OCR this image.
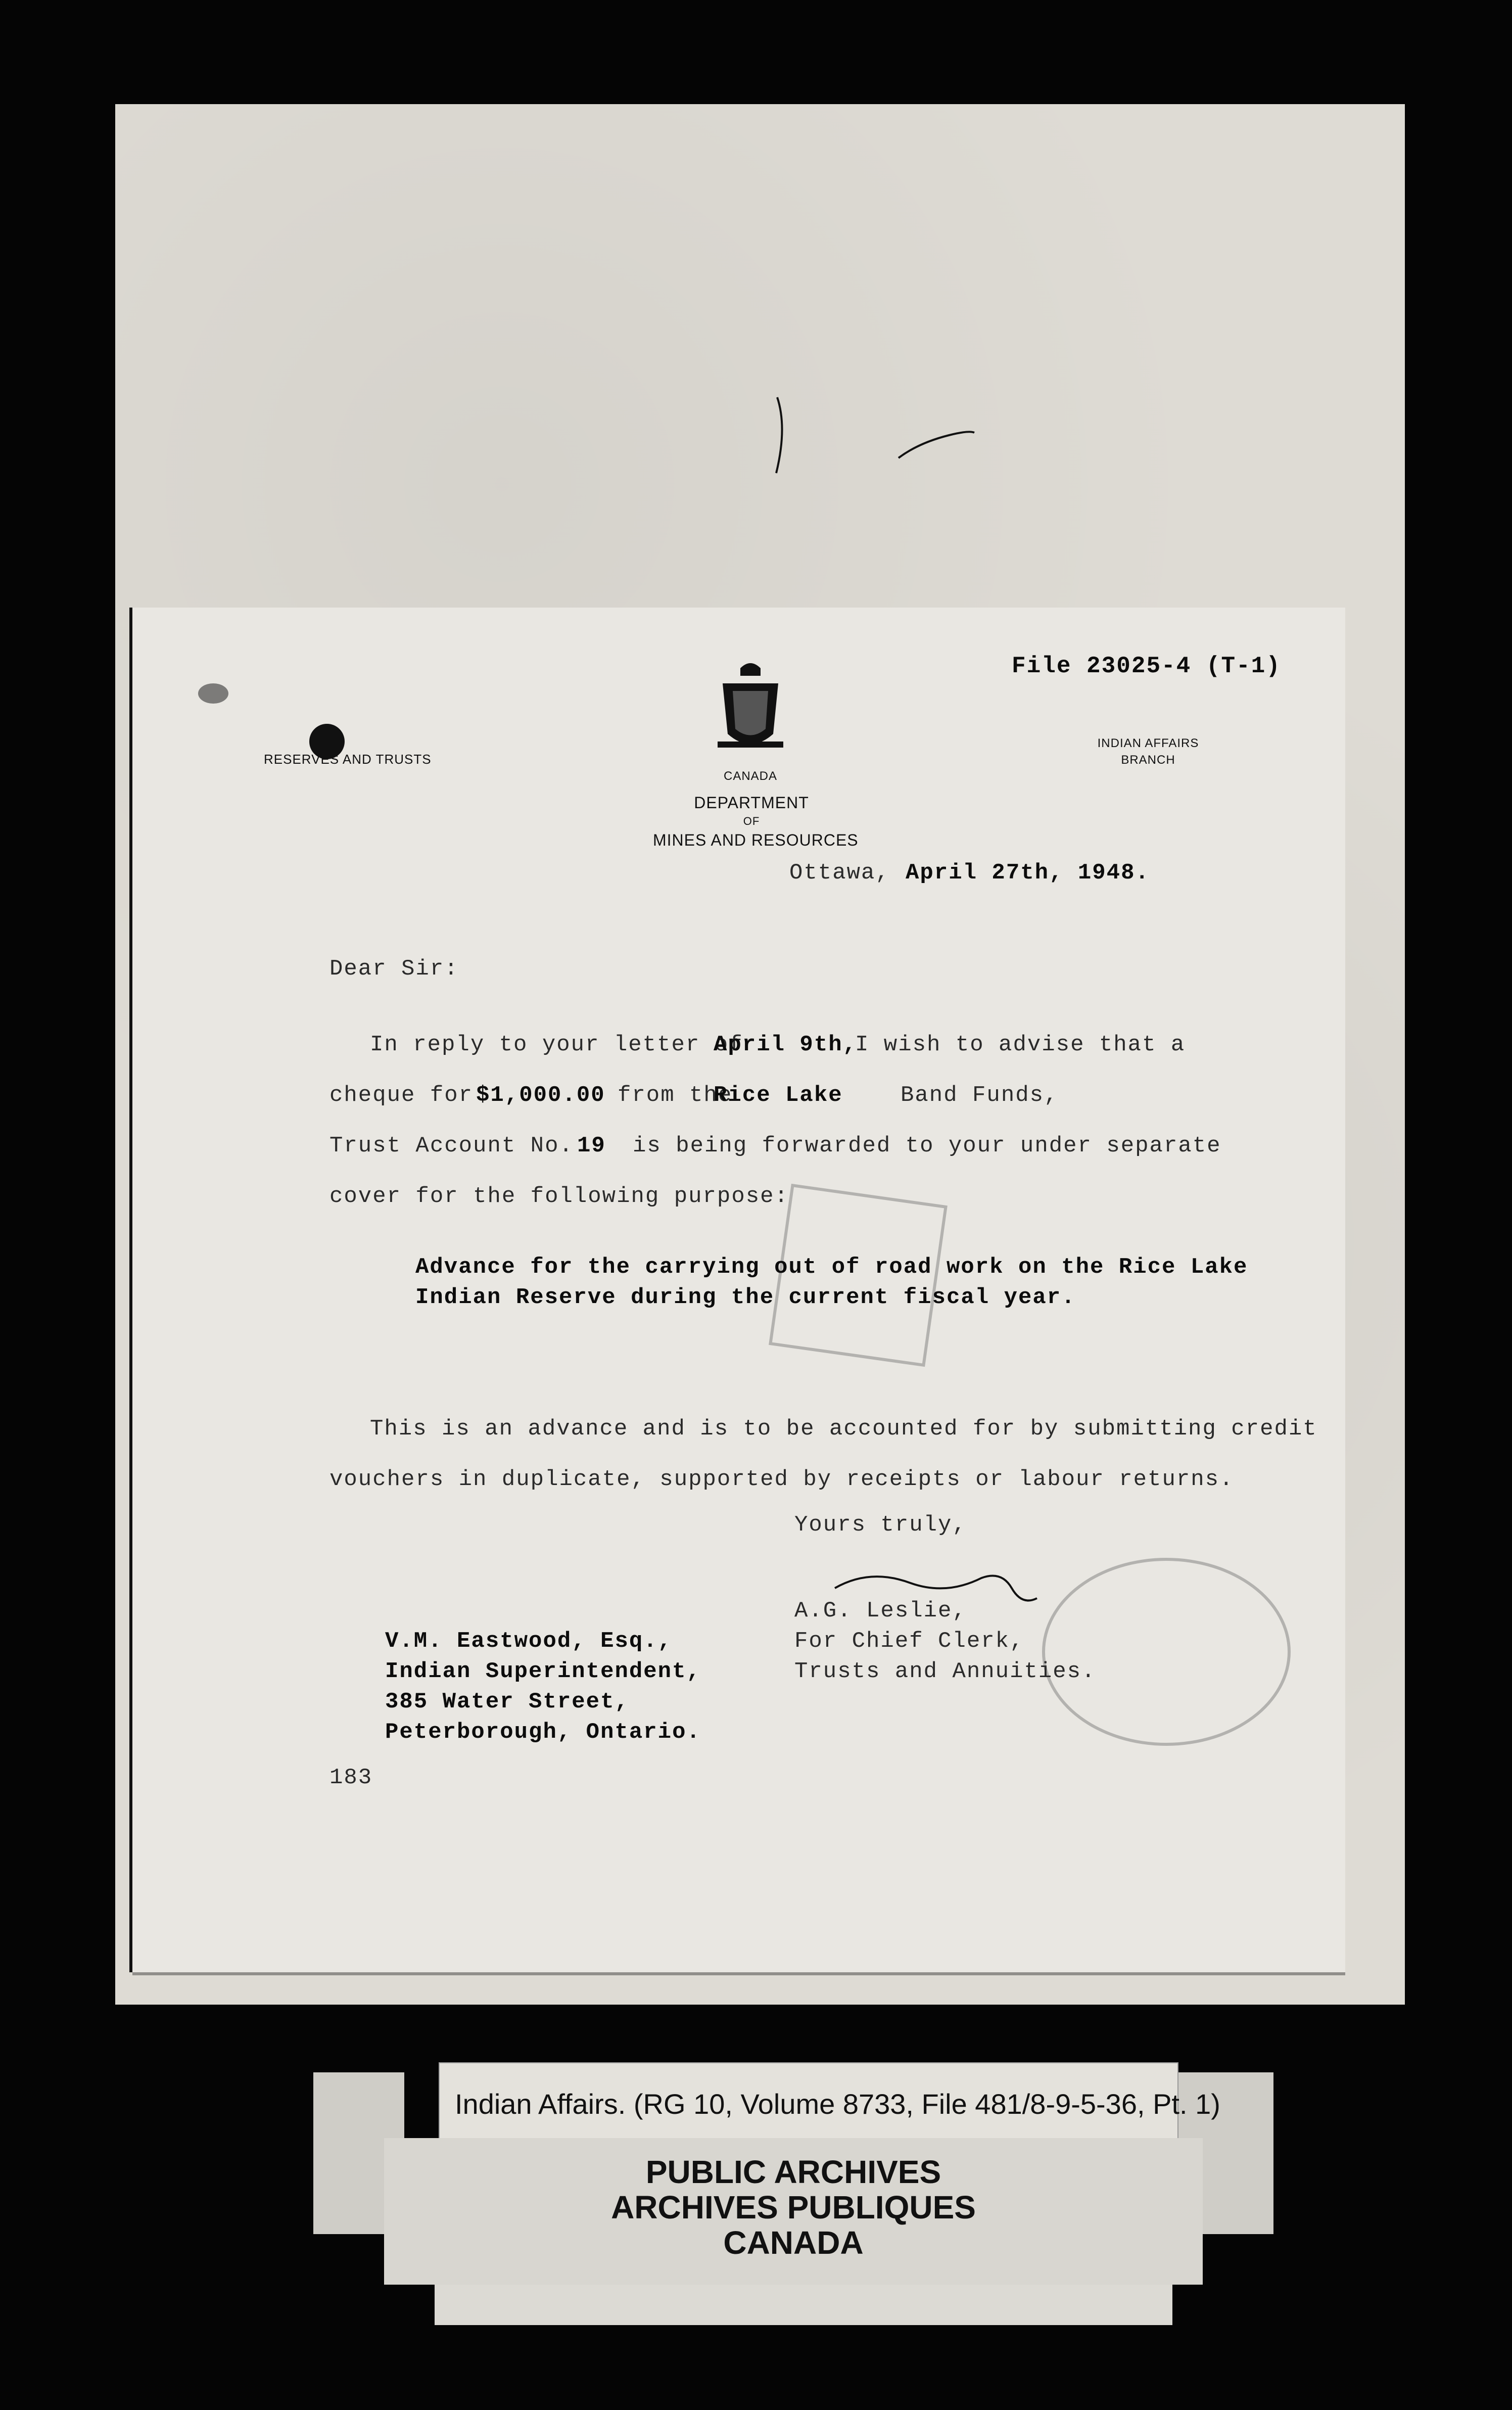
File 23025-4 (T-1)
RESERVES AND TRUSTS
CANADA
DEPARTMENT
OF
MINES AND RESOURCES
INDIAN AFFAIRS
BRANCH
Ottawa, April 27th, 1948.
Dear Sir:
In reply to your letter of
April 9th,
I wish to advise that a
cheque for $1,000.00 from the
Rice Lake	Band Funds,
Trust Account No. 19 is being forwarded to your under separate
cover for the following purpose:
Advance for the carrying out of road work on the Rice Lake
Indian Reserve during the current fiscal year.
This is an advance and is to be accounted for by submitting credit
vouchers in duplicate, supported by receipts or labour returns.
Yours truly,
V.M. Eastwood, Esq.,
Indian Superintendent,
385 Water Street,
Peterborough, Ontario.
A.G. Leslie,
For Chief Clerk,
Trusts and Annuities.
183
Indian Affairs. (RG 10, Volume 8733, File 481/8-9-5-36, Pt. 1)
PUBLIC ARCHIVES
ARCHIVES PUBLIQUES
CANADA
